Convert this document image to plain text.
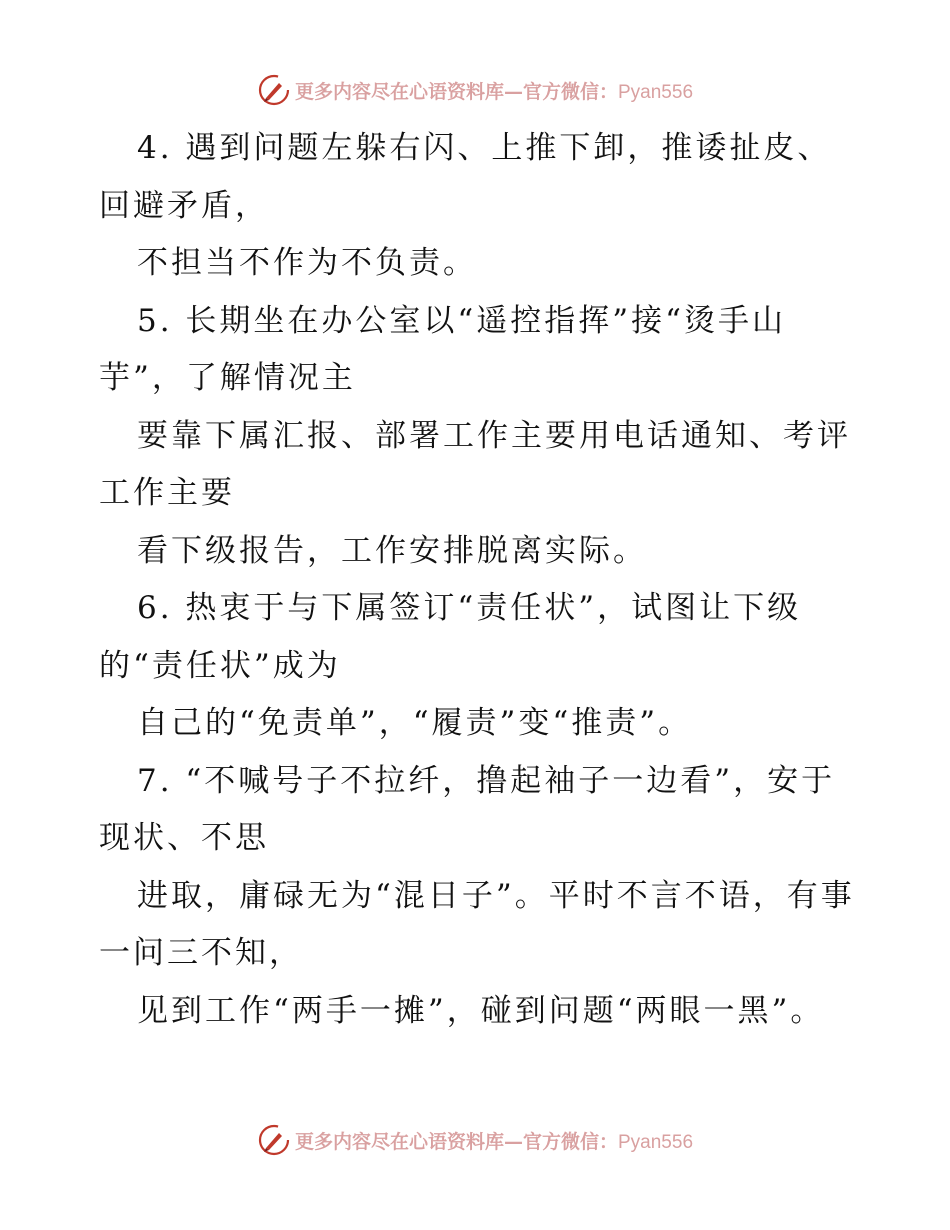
更多内容尽在心语资料库—官方微信：Pyan556

4. 遇到问题左躲右闪、上推下卸，推诿扯皮、回避矛盾，

不担当不作为不负责。

5. 长期坐在办公室以“遥控指挥”接“烫手山芋”，了解情况主

要靠下属汇报、部署工作主要用电话通知、考评工作主要

看下级报告，工作安排脱离实际。

6. 热衷于与下属签订“责任状”，试图让下级的“责任状”成为

自己的“免责单”，“履责”变“推责”。

7. “不喊号子不拉纤，撸起袖子一边看”，安于现状、不思

进取，庸碌无为“混日子”。平时不言不语，有事一问三不知，

见到工作“两手一摊”，碰到问题“两眼一黑”。

更多内容尽在心语资料库—官方微信：Pyan556
